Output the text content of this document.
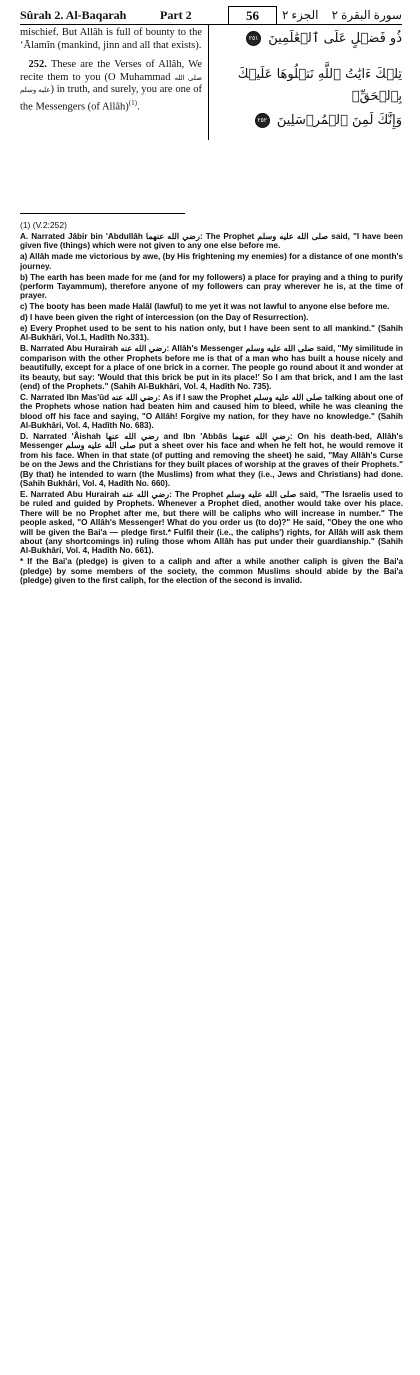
Sûrah 2. Al-Baqarah	Part 2	56	الجزء ٢ سورة البقرة ٢

mischief. But Allâh is full of bounty to the ʻĀlamîn (mankind, jinn and all that exists).

252. These are the Verses of Allâh, We recite them to you (O Muhammad صلى الله عليه وسلم) in truth, and surely, you are one of the Messengers (of Allâh)$^{(1)}$.

ذُو فَضۡلٍ عَلَى ٱلۡعَٰلَمِينَ ٢٥١
تِلۡكَ ءَايَٰتُ ٱللَّهِ نَتۡلُوهَا عَلَيۡكَ بِٱلۡحَقِّۚ
وَإِنَّكَ لَمِنَ ٱلۡمُرۡسَلِينَ ٢٥٢

(1) (V.2:252)

A. Narrated Jâbir bin 'Abdullâh رضي الله عنهما: The Prophet صلى الله عليه وسلم said, "I have been given five (things) which were not given to any one else before me.

a) Allâh made me victorious by awe, (by His frightening my enemies) for a distance of one month's journey.

b) The earth has been made for me (and for my followers) a place for praying and a thing to purify (perform Tayammum), therefore anyone of my followers can pray wherever he is, at the time of prayer.

c) The booty has been made Halâl (lawful) to me yet it was not lawful to anyone else before me.

d) I have been given the right of intercession (on the Day of Resurrection).

e) Every Prophet used to be sent to his nation only, but I have been sent to all mankind." (Sahih Al-Bukhâri, Vol.1, Hadîth No.331).

B. Narrated Abu Hurairah رضي الله عنه: Allâh's Messenger صلى الله عليه وسلم said, "My similitude in comparison with the other Prophets before me is that of a man who has built a house nicely and beautifully, except for a place of one brick in a corner. The people go round about it and wonder at its beauty, but say: 'Would that this brick be put in its place!' So I am that brick, and I am the last (end) of the Prophets." (Sahih Al-Bukhâri, Vol. 4, Hadîth No. 735).

C. Narrated Ibn Mas'ûd رضي الله عنه: As if I saw the Prophet صلى الله عليه وسلم talking about one of the Prophets whose nation had beaten him and caused him to bleed, while he was cleaning the blood off his face and saying, "O Allâh! Forgive my nation, for they have no knowledge." (Sahih Al-Bukhâri, Vol. 4, Hadîth No. 683).

D. Narrated 'Âishah رضي الله عنها and Ibn 'Abbâs رضي الله عنهما: On his death-bed, Allâh's Messenger صلى الله عليه وسلم put a sheet over his face and when he felt hot, he would remove it from his face. When in that state (of putting and removing the sheet) he said, "May Allâh's Curse be on the Jews and the Christians for they built places of worship at the graves of their Prophets." (By that) he intended to warn (the Muslims) from what they (i.e., Jews and Christians) had done. (Sahih Bukhâri, Vol. 4, Hadîth No. 660).

E. Narrated Abu Hurairah رضي الله عنه: The Prophet صلى الله عليه وسلم said, "The Israelis used to be ruled and guided by Prophets. Whenever a Prophet died, another would take over his place. There will be no Prophet after me, but there will be caliphs who will increase in number." The people asked, "O Allâh's Messenger! What do you order us (to do)?" He said, "Obey the one who will be given the Bai'a — pledge first.* Fulfil their (i.e., the caliphs') rights, for Allâh will ask them about (any shortcomings in) ruling those whom Allâh has put under their guardianship." (Sahih Al-Bukhâri, Vol. 4, Hadîth No. 661).

* If the Bai'a (pledge) is given to a caliph and after a while another caliph is given the Bai'a (pledge) by some members of the society, the common Muslims should abide by the Bai'a (pledge) given to the first caliph, for the election of the second is invalid.
